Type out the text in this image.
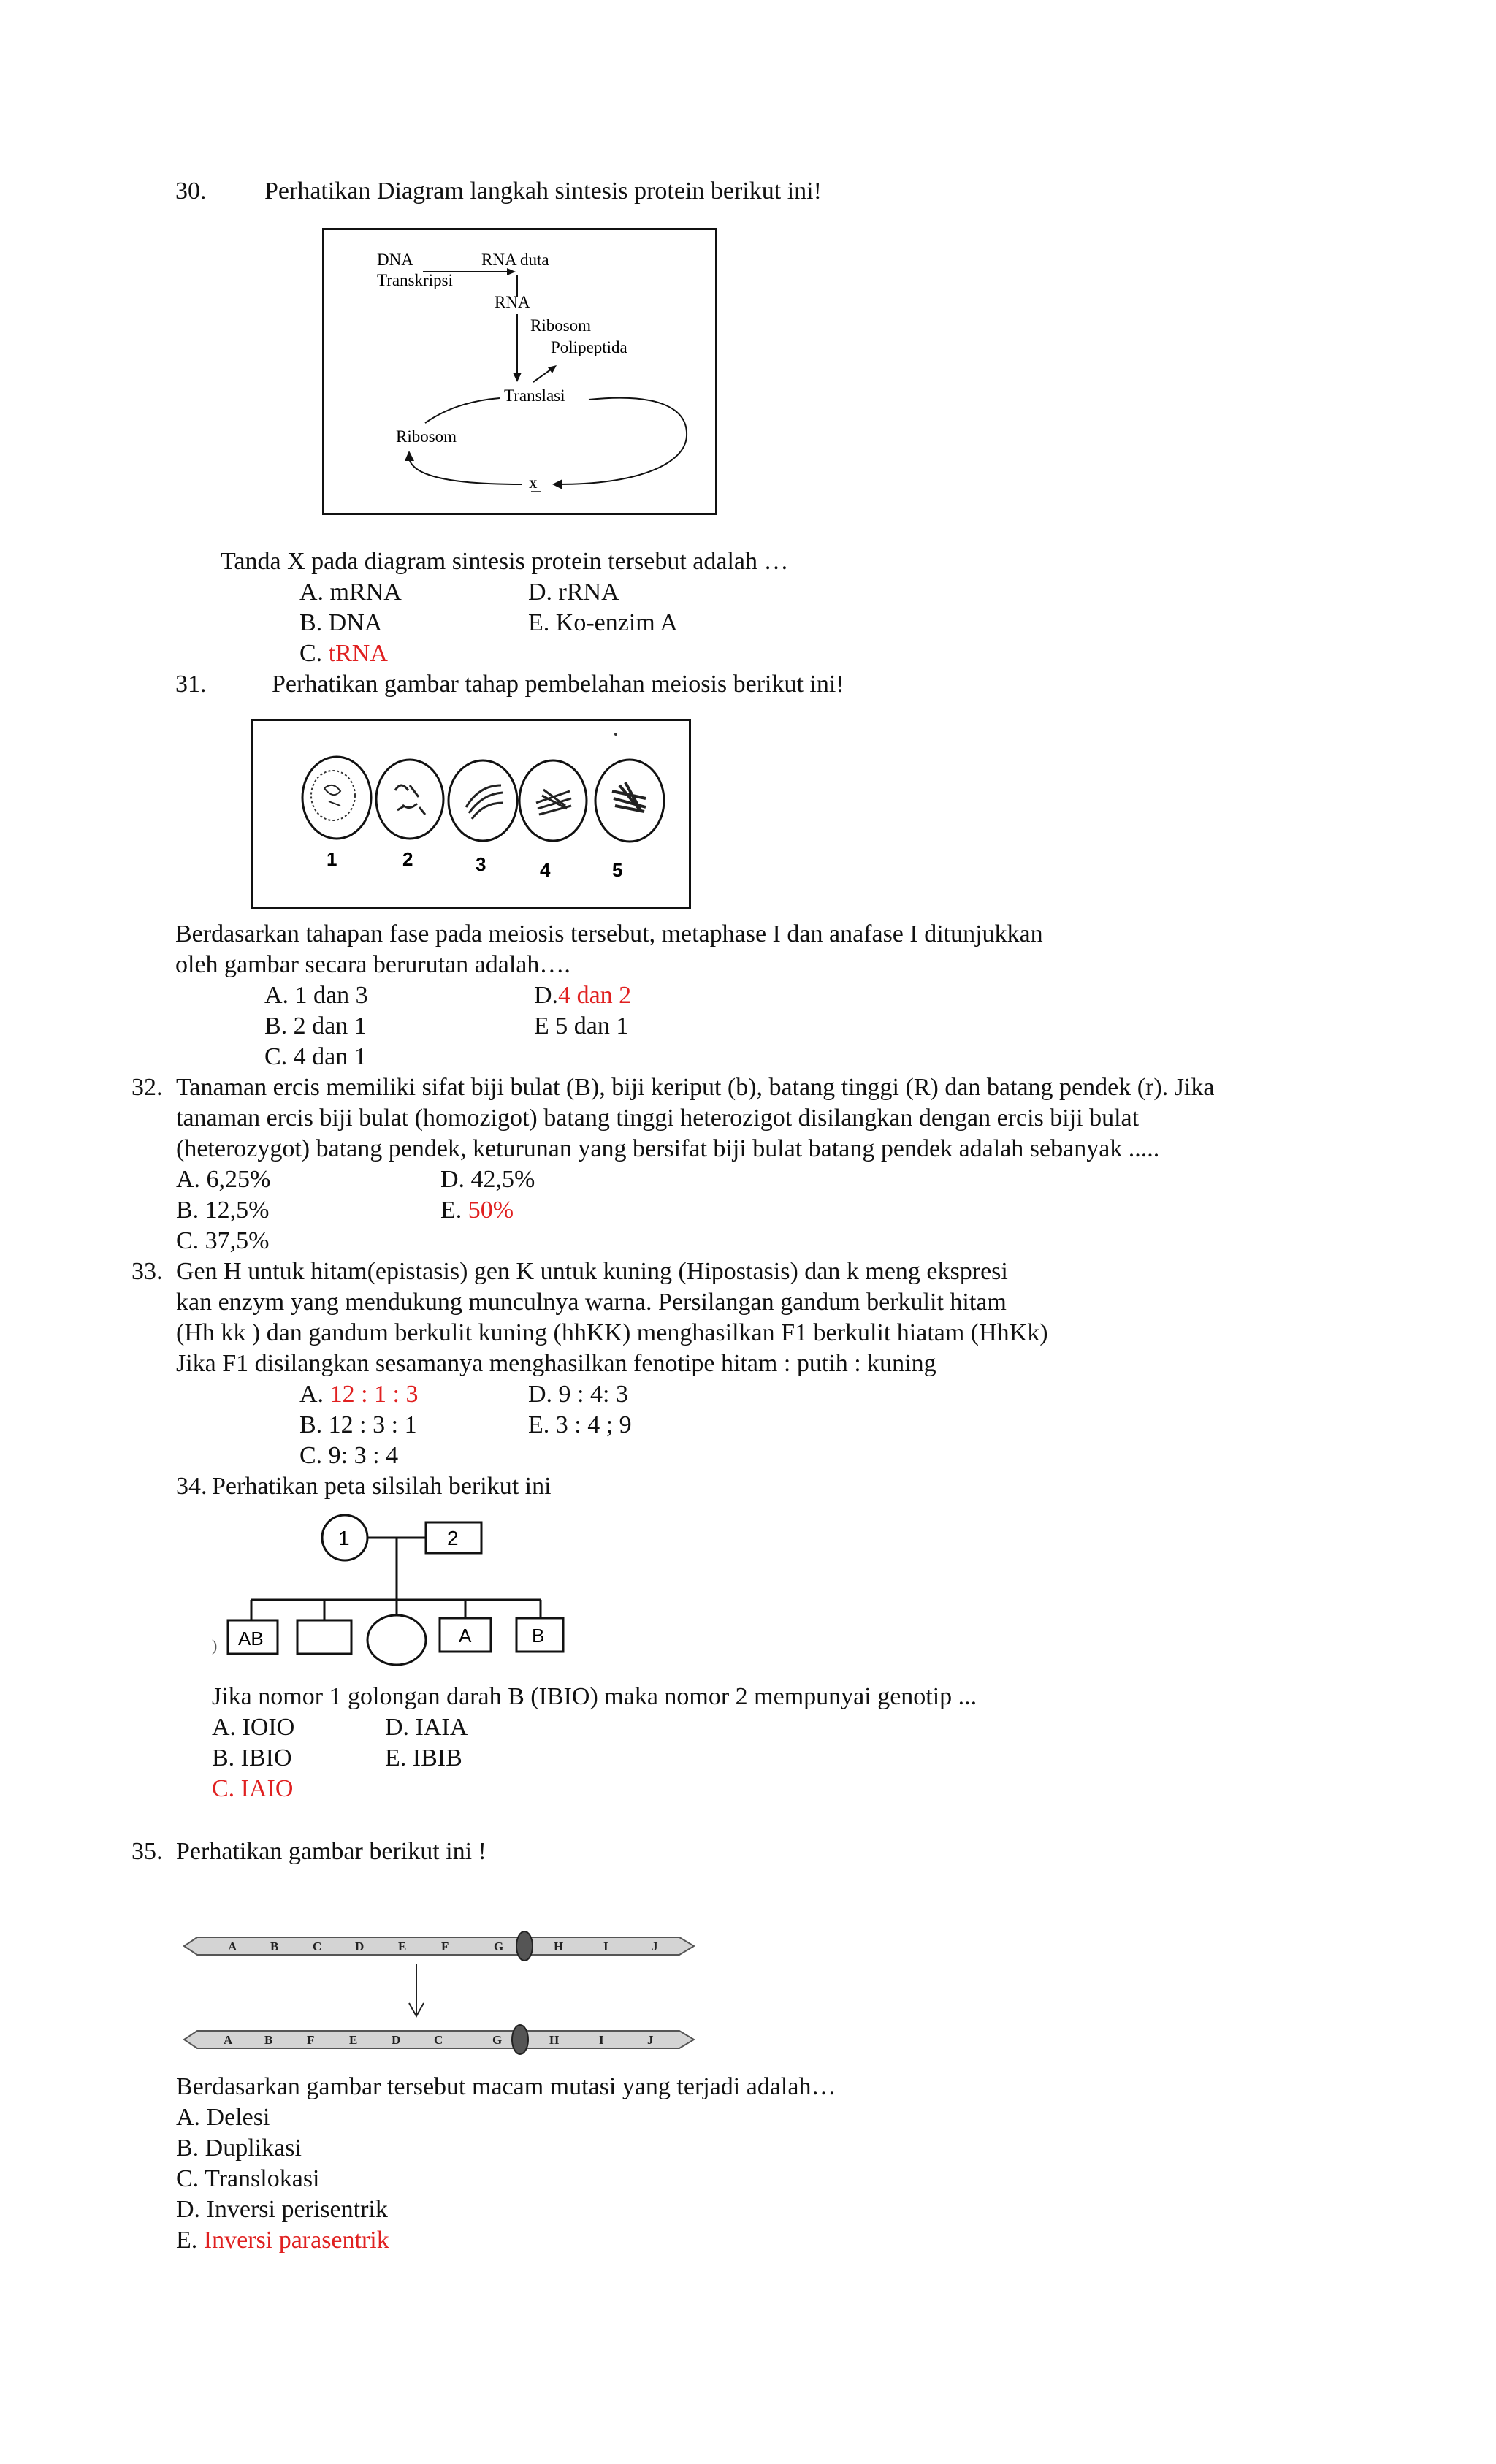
30. Perhatikan Diagram langkah sintesis protein berikut ini!
DNA	RNA duta
Transkripsi
RNA
Ribosom
Polipeptida
Translasi
x
Ribosom
Tanda X pada diagram sintesis protein tersebut adalah …
A. mRNA	D. rRNA
B. DNA	E. Ko-enzim A
C. tRNA
31.	Perhatikan gambar tahap pembelahan meiosis berikut ini!
1	2	3	4	5
Berdasarkan tahapan fase pada meiosis tersebut, metaphase I dan anafase I ditunjukkan
oleh gambar secara berurutan adalah….
A. 1 dan 3	D.4 dan 2
B. 2 dan 1	E 5 dan 1
C. 4 dan 1
32. Tanaman ercis memiliki sifat biji bulat (B), biji keriput (b), batang tinggi (R) dan batang pendek (r). Jika
tanaman ercis biji bulat (homozigot) batang tinggi heterozigot disilangkan dengan ercis biji bulat
(heterozygot) batang pendek, keturunan yang bersifat biji bulat batang pendek adalah sebanyak .....
A. 6,25%	D. 42,5%
B. 12,5%	E. 50%
C. 37,5%
33. Gen H untuk hitam(epistasis) gen K untuk kuning (Hipostasis) dan k meng ekspresi
kan enzym yang mendukung munculnya warna. Persilangan gandum berkulit hitam
(Hh kk ) dan gandum berkulit kuning (hhKK) menghasilkan F1 berkulit hiatam (HhKk)
Jika F1 disilangkan sesamanya menghasilkan fenotipe hitam : putih : kuning
A. 12 : 1 : 3	D. 9 : 4: 3
B. 12 : 3 : 1	E. 3 : 4 ; 9
C. 9: 3 : 4
34. Perhatikan peta silsilah berikut ini
1	2
AB	A	B
)
Jika nomor 1 golongan darah B (IBIO) maka nomor 2 mempunyai genotip ...
A. IOIO	D. IAIA
B. IBIO	E. IBIB
C. IAIO
35. Perhatikan gambar berikut ini !
A	B	C	D	E	F	G	H	I	J
A	B	F	E	D	C	G	H	I	J
Berdasarkan gambar tersebut macam mutasi yang terjadi adalah…
A. Delesi
B. Duplikasi
C. Translokasi
D. Inversi perisentrik
E. Inversi parasentrik
